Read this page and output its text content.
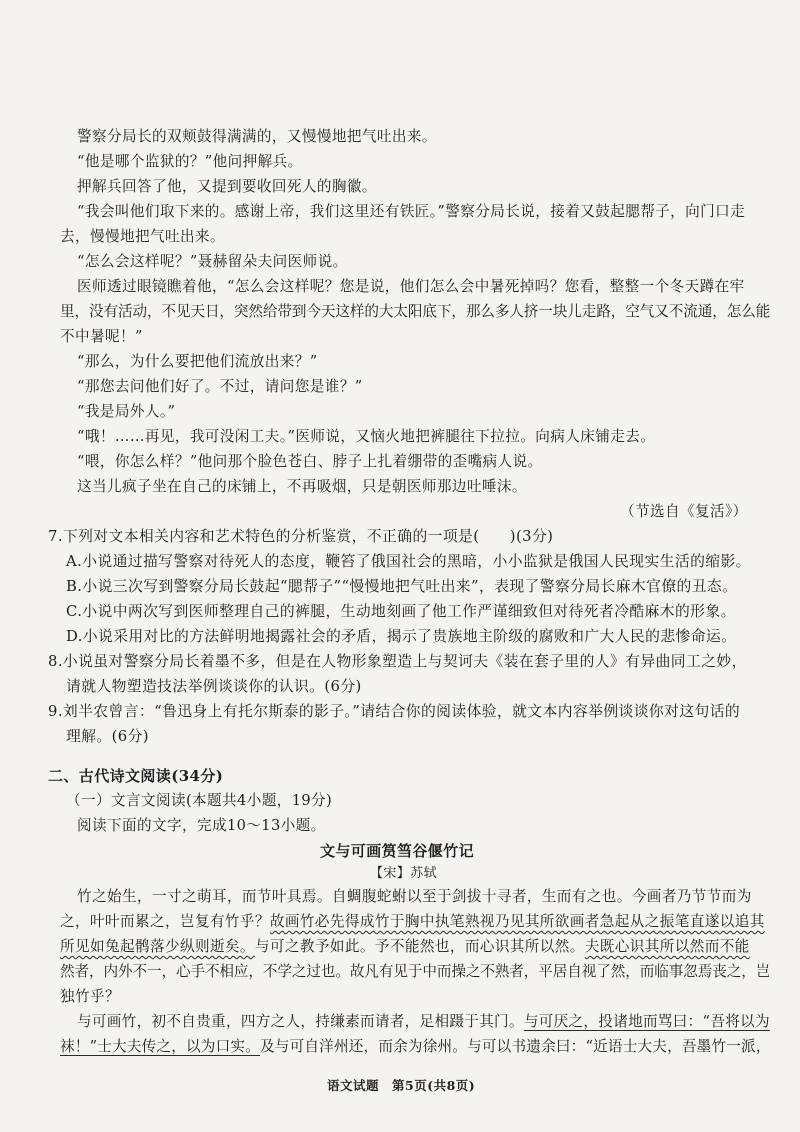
警察分局长的双颊鼓得满满的，又慢慢地把气吐出来。
“他是哪个监狱的？”他问押解兵。
押解兵回答了他，又提到要收回死人的胸徽。
“我会叫他们取下来的。感谢上帝，我们这里还有铁匠。”警察分局长说，接着又鼓起腮帮子，向门口走
去，慢慢地把气吐出来。
“怎么会这样呢？”聂赫留朵夫问医师说。
医师透过眼镜瞧着他，“怎么会这样呢？您是说，他们怎么会中暑死掉吗？您看，整整一个冬天蹲在牢
里，没有活动，不见天日，突然给带到今天这样的大太阳底下，那么多人挤一块儿走路，空气又不流通，怎么能
不中暑呢！”
“那么，为什么要把他们流放出来？”
“那您去问他们好了。不过，请问您是谁？”
“我是局外人。”
“哦！……再见，我可没闲工夫。”医师说，又恼火地把裤腿往下拉拉。向病人床铺走去。
“喂，你怎么样？”他问那个脸色苍白、脖子上扎着绷带的歪嘴病人说。
这当儿疯子坐在自己的床铺上，不再吸烟，只是朝医师那边吐唾沫。
（节选自《复活》）
7.下列对文本相关内容和艺术特色的分析鉴赏，不正确的一项是(　　)(3分)
A.小说通过描写警察对待死人的态度，鞭笞了俄国社会的黑暗，小小监狱是俄国人民现实生活的缩影。
B.小说三次写到警察分局长鼓起“腮帮子”“慢慢地把气吐出来”，表现了警察分局长麻木官僚的丑态。
C.小说中两次写到医师整理自己的裤腿，生动地刻画了他工作严谨细致但对待死者冷酷麻木的形象。
D.小说采用对比的方法鲜明地揭露社会的矛盾，揭示了贵族地主阶级的腐败和广大人民的悲惨命运。
8.小说虽对警察分局长着墨不多，但是在人物形象塑造上与契诃夫《装在套子里的人》有异曲同工之妙，
请就人物塑造技法举例谈谈你的认识。(6分)
9.刘半农曾言：“鲁迅身上有托尔斯泰的影子。”请结合你的阅读体验，就文本内容举例谈谈你对这句话的
理解。(6分)
二、古代诗文阅读(34分)
（一）文言文阅读(本题共4小题，19分)
阅读下面的文字，完成10～13小题。
文与可画筼筜谷偃竹记
【宋】苏轼
竹之始生，一寸之萌耳，而节叶具焉。自蜩腹蛇蚹以至于剑拔十寻者，生而有之也。今画者乃节节而为
之，叶叶而累之，岂复有竹乎？故画竹必先得成竹于胸中执笔熟视乃见其所欲画者急起从之振笔直遂以追其
所见如兔起鹘落少纵则逝矣。与可之教予如此。予不能然也，而心识其所以然。夫既心识其所以然而不能
然者，内外不一，心手不相应，不学之过也。故凡有见于中而操之不熟者，平居自视了然，而临事忽焉丧之，岂
独竹乎？
与可画竹，初不自贵重，四方之人，持缣素而请者，足相蹑于其门。与可厌之，投诸地而骂曰：“吾将以为
袜！”士大夫传之，以为口实。及与可自洋州还，而余为徐州。与可以书遗余曰：“近语士大夫，吾墨竹一派，
语文试题　第5页(共8页)
